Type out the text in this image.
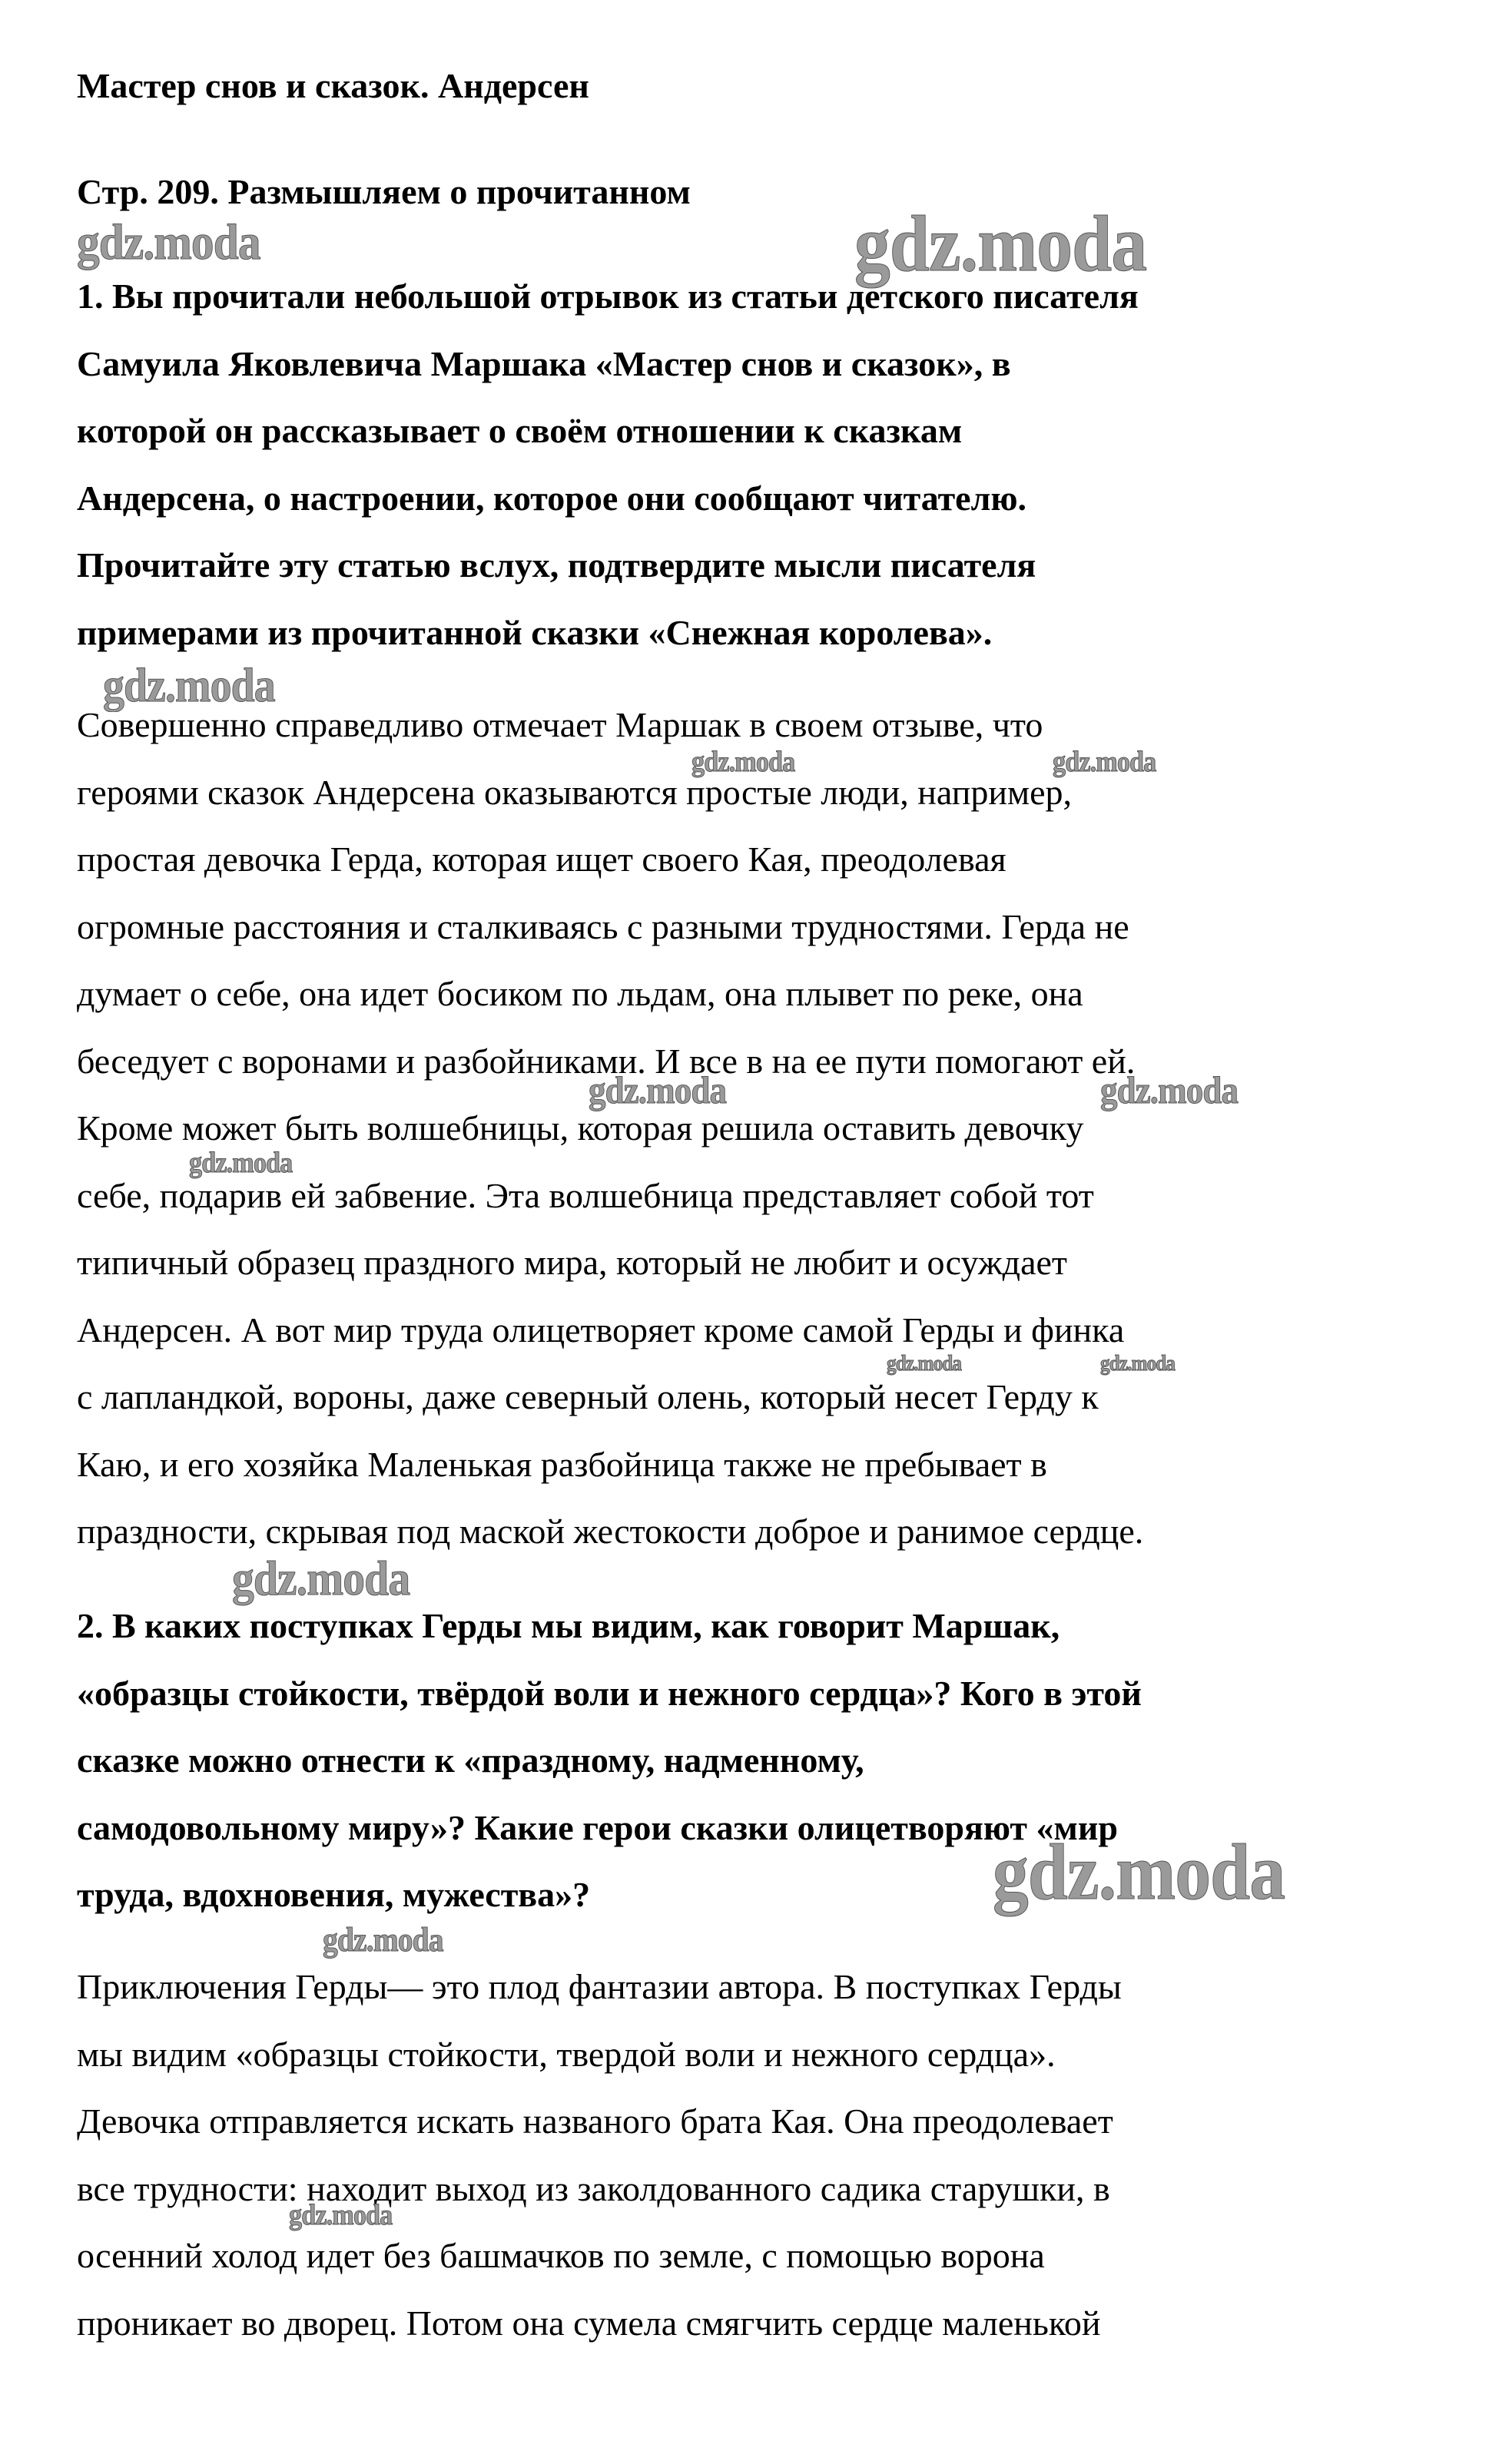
Мастер снов и сказок. Андерсен
Стр. 209. Размышляем о прочитанном
1. Вы прочитали небольшой отрывок из статьи детского писателя
Самуила Яковлевича Маршака «Мастер снов и сказок», в
которой он рассказывает о своём отношении к сказкам
Андерсена, о настроении, которое они сообщают читателю.
Прочитайте эту статью вслух, подтвердите мысли писателя
примерами из прочитанной сказки «Снежная королева».
Совершенно справедливо отмечает Маршак в своем отзыве, что
героями сказок Андерсена оказываются простые люди, например,
простая девочка Герда, которая ищет своего Кая, преодолевая
огромные расстояния и сталкиваясь с разными трудностями. Герда не
думает о себе, она идет босиком по льдам, она плывет по реке, она
беседует с воронами и разбойниками. И все в на ее пути помогают ей.
Кроме может быть волшебницы, которая решила оставить девочку
себе, подарив ей забвение. Эта волшебница представляет собой тот
типичный образец праздного мира, который не любит и осуждает
Андерсен. А вот мир труда олицетворяет кроме самой Герды и финка
с лапландкой, вороны, даже северный олень, который несет Герду к
Каю, и его хозяйка Маленькая разбойница также не пребывает в
праздности, скрывая под маской жестокости доброе и ранимое сердце.
2. В каких поступках Герды мы видим, как говорит Маршак,
«образцы стойкости, твёрдой воли и нежного сердца»? Кого в этой
сказке можно отнести к «праздному, надменному,
самодовольному миру»? Какие герои сказки олицетворяют «мир
труда, вдохновения, мужества»?
Приключения Герды— это плод фантазии автора. В поступках Герды
мы видим «образцы стойкости, твердой воли и нежного сердца».
Девочка отправляется искать названого брата Кая. Она преодолевает
все трудности: находит выход из заколдованного садика старушки, в
осенний холод идет без башмачков по земле, с помощью ворона
проникает во дворец. Потом она сумела смягчить сердце маленькой
gdz.moda	gdz.moda
gdz.moda
gdz.moda	gdz.moda
gdz.moda	gdz.moda
gdz.moda
gdz.moda	gdz.moda
gdz.moda
gdz.moda
gdz.moda
gdz.moda
